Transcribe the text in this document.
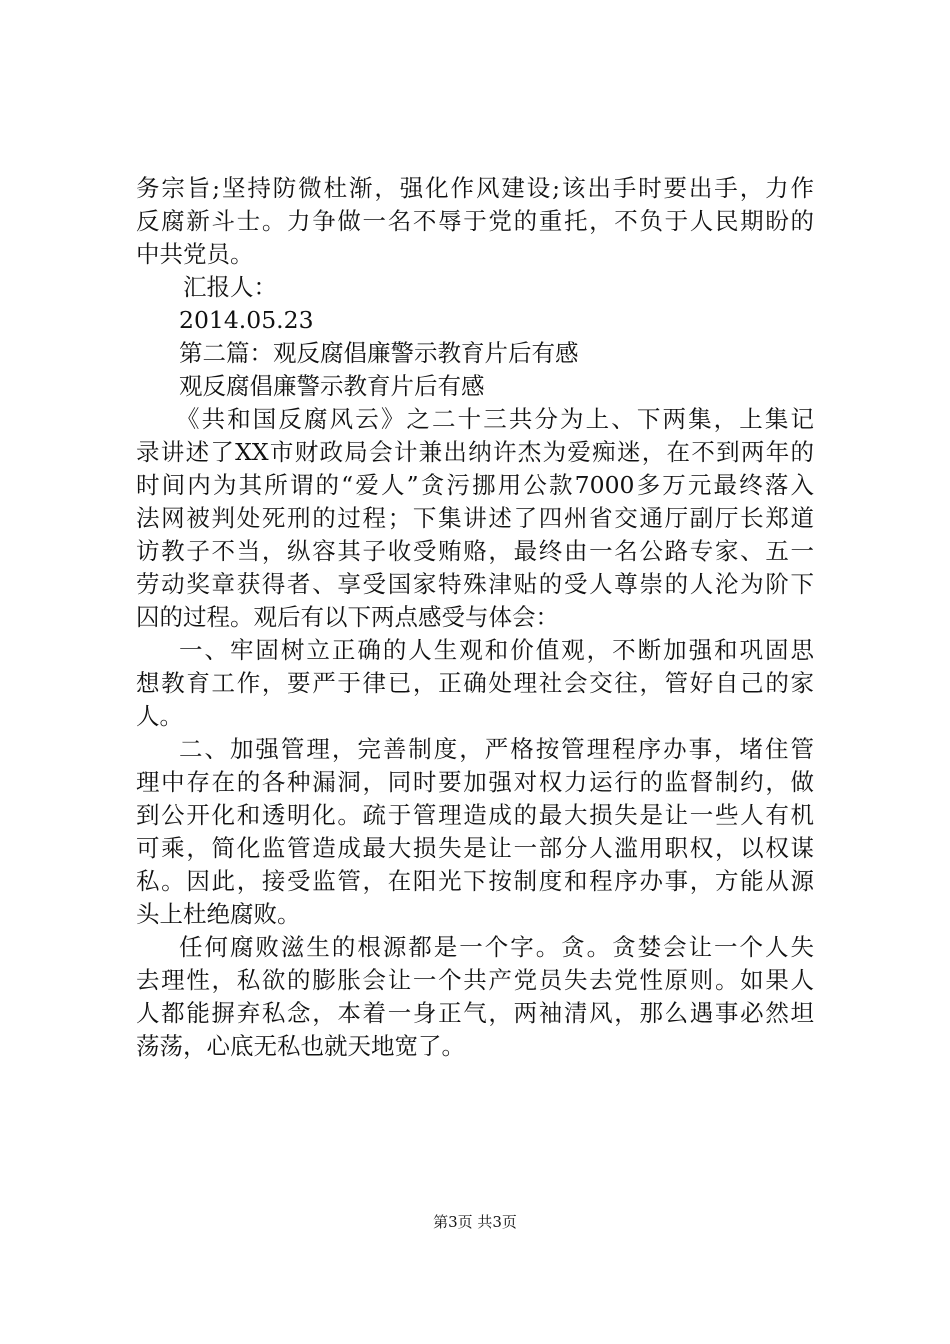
务宗旨;坚持防微杜渐，强化作风建设;该出手时要出手，力作
反腐新斗士。力争做一名不辱于党的重托，不负于人民期盼的
中共党员。
汇报人：
2014.05.23
第二篇：观反腐倡廉警示教育片后有感
观反腐倡廉警示教育片后有感
《共和国反腐风云》之二十三共分为上、下两集，上集记
录讲述了XX市财政局会计兼出纳许杰为爱痴迷，在不到两年的
时间内为其所谓的“爱人”贪污挪用公款7000多万元最终落入
法网被判处死刑的过程；下集讲述了四州省交通厅副厅长郑道
访教子不当，纵容其子收受贿赂，最终由一名公路专家、五一
劳动奖章获得者、享受国家特殊津贴的受人尊崇的人沦为阶下
囚的过程。观后有以下两点感受与体会：
一、牢固树立正确的人生观和价值观，不断加强和巩固思
想教育工作，要严于律已，正确处理社会交往，管好自己的家
人。
二、加强管理，完善制度，严格按管理程序办事，堵住管
理中存在的各种漏洞，同时要加强对权力运行的监督制约，做
到公开化和透明化。疏于管理造成的最大损失是让一些人有机
可乘，简化监管造成最大损失是让一部分人滥用职权，以权谋
私。因此，接受监管，在阳光下按制度和程序办事，方能从源
头上杜绝腐败。
任何腐败滋生的根源都是一个字。贪。贪婪会让一个人失
去理性，私欲的膨胀会让一个共产党员失去党性原则。如果人
人都能摒弃私念，本着一身正气，两袖清风，那么遇事必然坦
荡荡，心底无私也就天地宽了。
第3页 共3页
